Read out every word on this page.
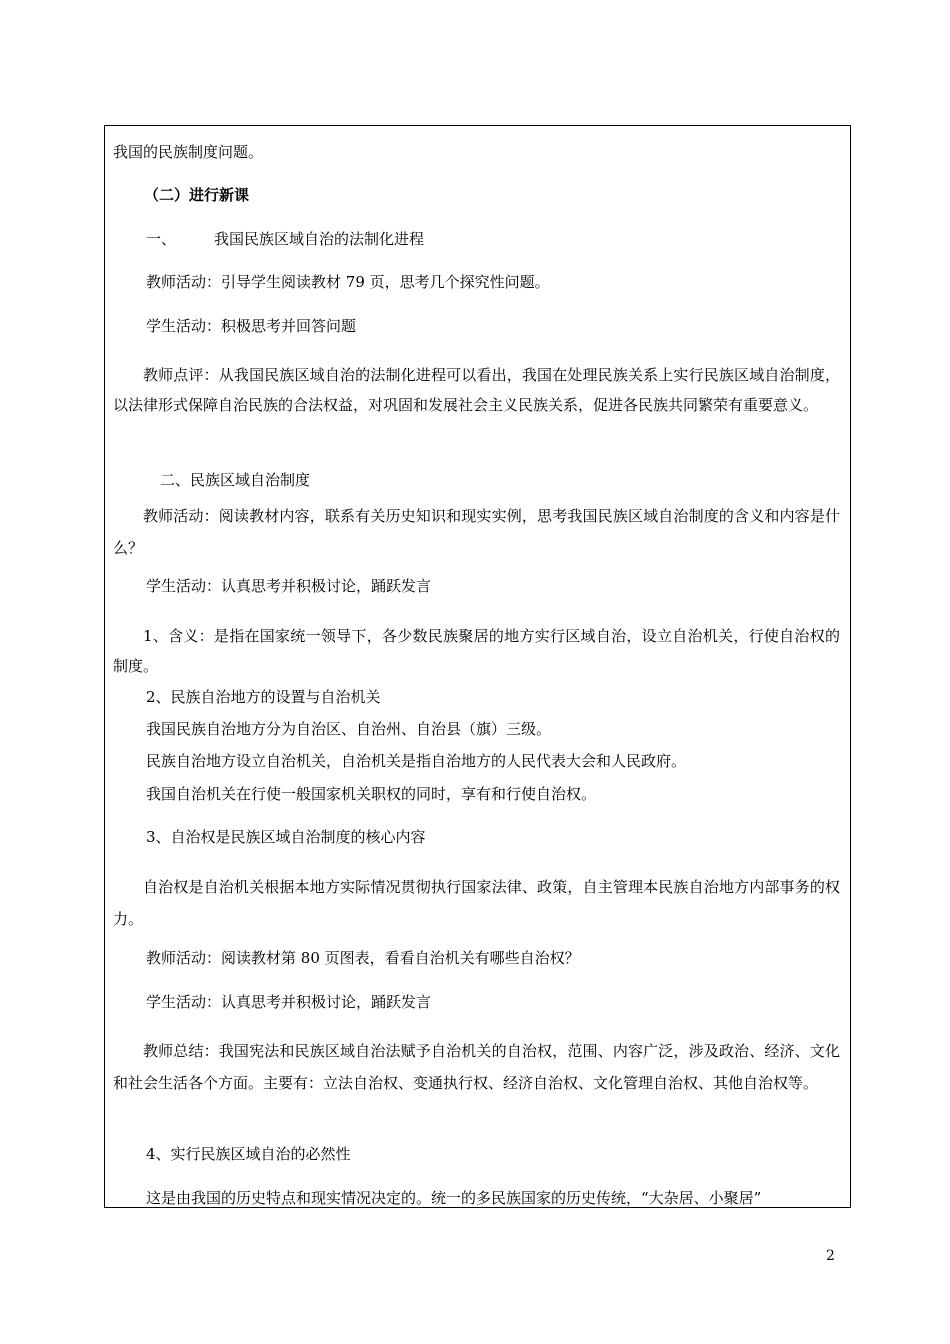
我国的民族制度问题。
（二）进行新课
一、	我国民族区域自治的法制化进程
教师活动：引导学生阅读教材 79 页，思考几个探究性问题。
学生活动：积极思考并回答问题
教师点评：从我国民族区域自治的法制化进程可以看出，我国在处理民族关系上实行民族区域自治制度，以法律形式保障自治民族的合法权益，对巩固和发展社会主义民族关系，促进各民族共同繁荣有重要意义。
二、民族区域自治制度
教师活动：阅读教材内容，联系有关历史知识和现实实例，思考我国民族区域自治制度的含义和内容是什么？
学生活动：认真思考并积极讨论，踊跃发言
1、含义：是指在国家统一领导下，各少数民族聚居的地方实行区域自治，设立自治机关，行使自治权的制度。
2、民族自治地方的设置与自治机关
我国民族自治地方分为自治区、自治州、自治县（旗）三级。
民族自治地方设立自治机关，自治机关是指自治地方的人民代表大会和人民政府。
我国自治机关在行使一般国家机关职权的同时，享有和行使自治权。
3、自治权是民族区域自治制度的核心内容
自治权是自治机关根据本地方实际情况贯彻执行国家法律、政策，自主管理本民族自治地方内部事务的权力。
教师活动：阅读教材第 80 页图表，看看自治机关有哪些自治权？
学生活动：认真思考并积极讨论，踊跃发言
教师总结：我国宪法和民族区域自治法赋予自治机关的自治权，范围、内容广泛，涉及政治、经济、文化和社会生活各个方面。主要有：立法自治权、变通执行权、经济自治权、文化管理自治权、其他自治权等。
4、实行民族区域自治的必然性
这是由我国的历史特点和现实情况决定的。统一的多民族国家的历史传统，“大杂居、小聚居”
2
